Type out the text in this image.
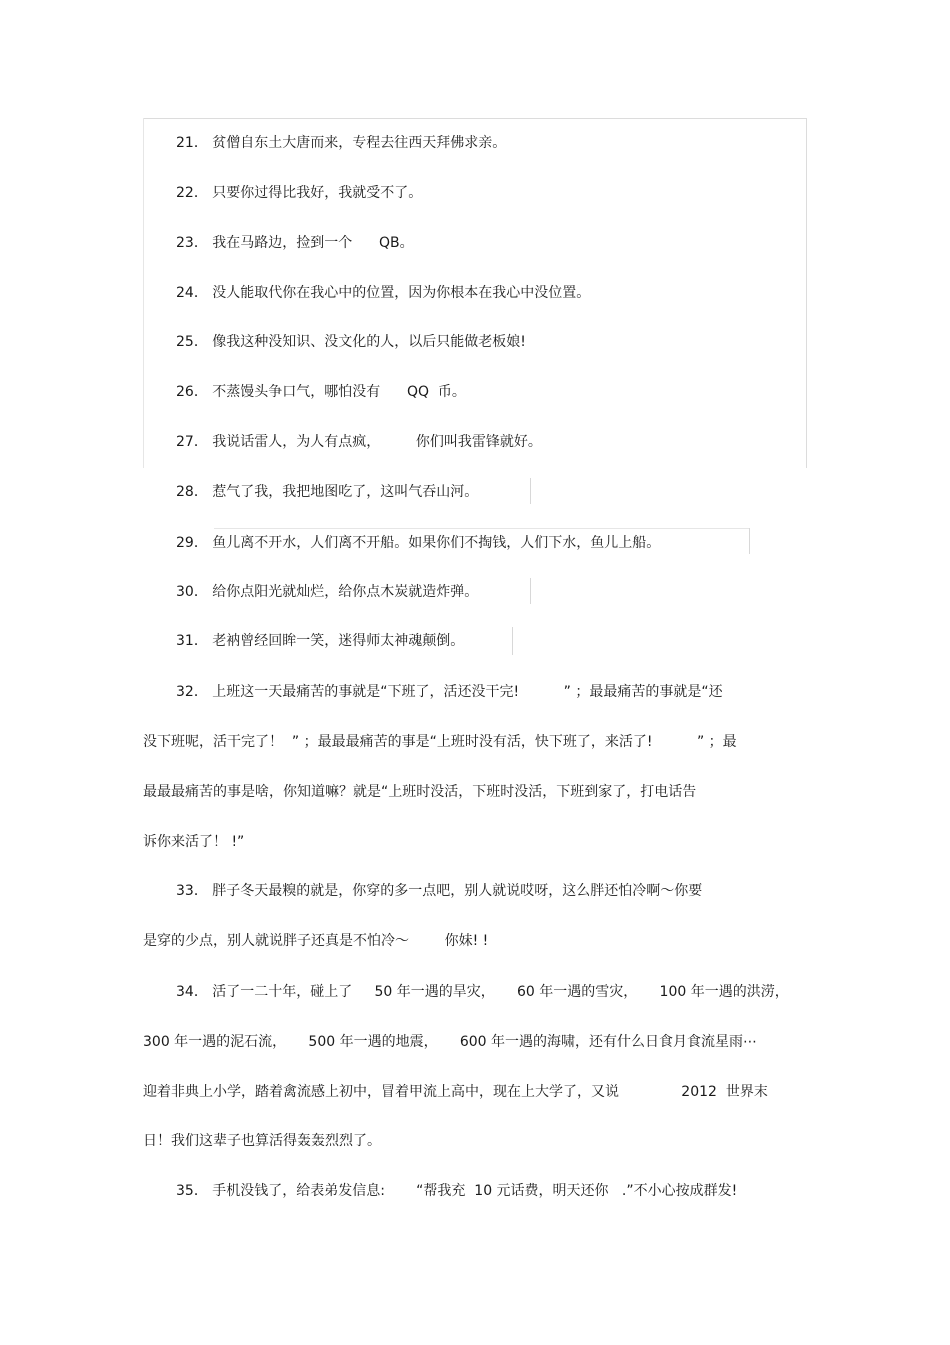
21． 贫僧自东土大唐而来，专程去往西天拜佛求亲。
22． 只要你过得比我好，我就受不了。
23． 我在马路边，捡到一个      QB。
24． 没人能取代你在我心中的位置，因为你根本在我心中没位置。
25． 像我这种没知识、没文化的人，以后只能做老板娘!
26． 不蒸馒头争口气，哪怕没有      QQ  币。
27． 我说话雷人，为人有点疯，        你们叫我雷锋就好。
28． 惹气了我，我把地图吃了，这叫气吞山河。
29． 鱼儿离不开水，人们离不开船。如果你们不掏钱，人们下水，鱼儿上船。
30． 给你点阳光就灿烂，给你点木炭就造炸弹。
31． 老衲曾经回眸一笑，迷得师太神魂颠倒。
32． 上班这一天最痛苦的事就是“下班了，活还没干完!          ” ；最最痛苦的事就是“还
没下班呢，活干完了！  ” ；最最最痛苦的事是“上班时没有活，快下班了，来活了!          ” ；最
最最最痛苦的事是啥，你知道嘛？就是“上班时没活，下班时没活，下班到家了，打电话告
诉你来活了！ !”
33． 胖子冬天最糗的就是，你穿的多一点吧，别人就说哎呀，这么胖还怕冷啊～你要
是穿的少点，别人就说胖子还真是不怕冷～        你妹! !
34． 活了一二十年，碰上了     50 年一遇的旱灾，     60 年一遇的雪灾，     100 年一遇的洪涝，
300 年一遇的泥石流，     500 年一遇的地震，     600 年一遇的海啸，还有什么日食月食流星雨⋯
迎着非典上小学，踏着禽流感上初中，冒着甲流上高中，现在上大学了，又说              2012  世界末
日！我们这辈子也算活得轰轰烈烈了。
35． 手机没钱了，给表弟发信息:       “帮我充  10 元话费，明天还你   .”不小心按成群发!
